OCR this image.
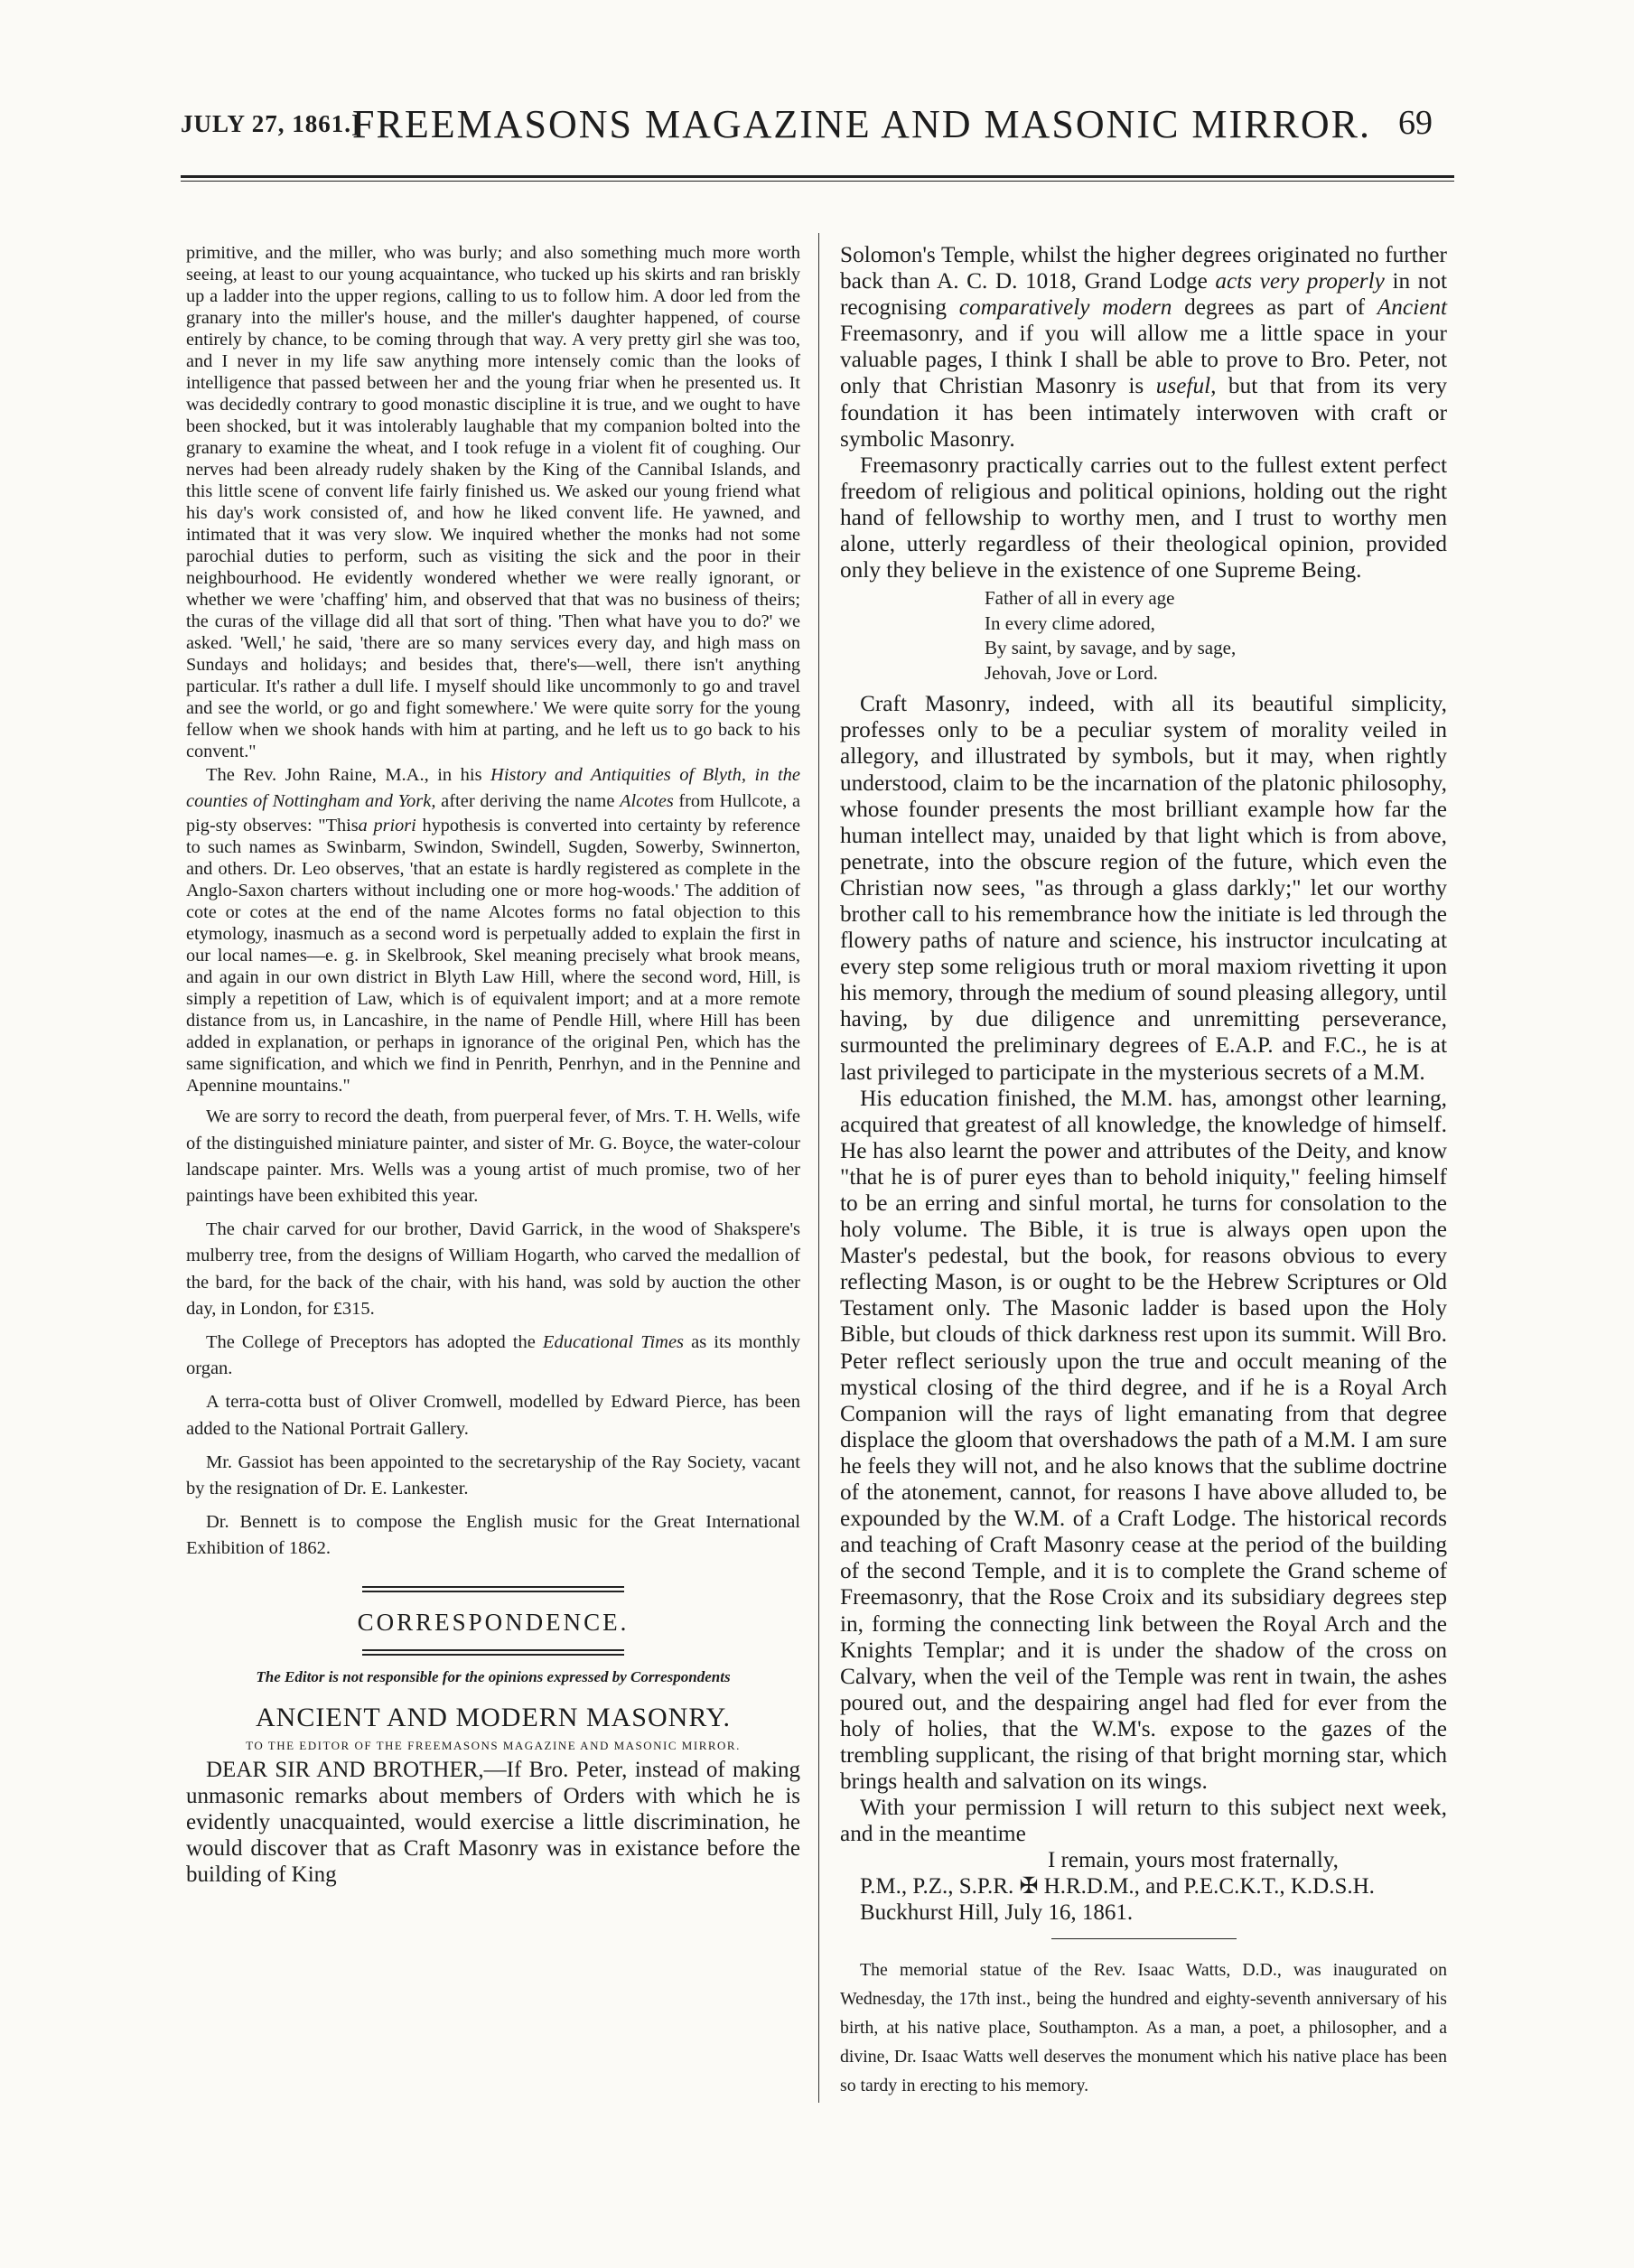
JULY 27, 1861.]
FREEMASONS MAGAZINE AND MASONIC MIRROR. 69

primitive, and the miller, who was burly; and also something much more worth seeing, at least to our young acquaintance, who tucked up his skirts and ran briskly up a ladder into the upper regions, calling to us to follow him. A door led from the granary into the miller's house, and the miller's daughter happened, of course entirely by chance, to be coming through that way. A very pretty girl she was too, and I never in my life saw anything more intensely comic than the looks of intelligence that passed between her and the young friar when he presented us. It was decidedly contrary to good monastic discipline it is true, and we ought to have been shocked, but it was intolerably laughable that my companion bolted into the granary to examine the wheat, and I took refuge in a violent fit of coughing. Our nerves had been already rudely shaken by the King of the Cannibal Islands, and this little scene of convent life fairly finished us. We asked our young friend what his day's work consisted of, and how he liked convent life. He yawned, and intimated that it was very slow. We inquired whether the monks had not some parochial duties to perform, such as visiting the sick and the poor in their neighbourhood. He evidently wondered whether we were really ignorant, or whether we were 'chaffing' him, and observed that that was no business of theirs; the curas of the village did all that sort of thing. 'Then what have you to do?' we asked. 'Well,' he said, 'there are so many services every day, and high mass on Sundays and holidays; and besides that, there's—well, there isn't anything particular. It's rather a dull life. I myself should like uncommonly to go and travel and see the world, or go and fight somewhere.' We were quite sorry for the young fellow when we shook hands with him at parting, and he left us to go back to his convent."

The Rev. John Raine, M.A., in his History and Antiquities of Blyth, in the counties of Nottingham and York, after deriving the name Alcotes from Hullcote, a pig-sty observes: "Thisa priori hypothesis is converted into certainty by reference to such names as Swinbarm, Swindon, Swindell, Sugden, Sowerby, Swinnerton, and others. Dr. Leo observes, 'that an estate is hardly registered as complete in the Anglo-Saxon charters without including one or more hog-woods.' The addition of cote or cotes at the end of the name Alcotes forms no fatal objection to this etymology, inasmuch as a second word is perpetually added to explain the first in our local names—e. g. in Skelbrook, Skel meaning precisely what brook means, and again in our own district in Blyth Law Hill, where the second word, Hill, is simply a repetition of Law, which is of equivalent import; and at a more remote distance from us, in Lancashire, in the name of Pendle Hill, where Hill has been added in explanation, or perhaps in ignorance of the original Pen, which has the same signification, and which we find in Penrith, Penrhyn, and in the Pennine and Apennine mountains."

We are sorry to record the death, from puerperal fever, of Mrs. T. H. Wells, wife of the distinguished miniature painter, and sister of Mr. G. Boyce, the water-colour landscape painter. Mrs. Wells was a young artist of much promise, two of her paintings have been exhibited this year.

The chair carved for our brother, David Garrick, in the wood of Shakspere's mulberry tree, from the designs of William Hogarth, who carved the medallion of the bard, for the back of the chair, with his hand, was sold by auction the other day, in London, for £315.

The College of Preceptors has adopted the Educational Times as its monthly organ.

A terra-cotta bust of Oliver Cromwell, modelled by Edward Pierce, has been added to the National Portrait Gallery.

Mr. Gassiot has been appointed to the secretaryship of the Ray Society, vacant by the resignation of Dr. E. Lankester.

Dr. Bennett is to compose the English music for the Great International Exhibition of 1862.

CORRESPONDENCE.
The Editor is not responsible for the opinions expressed by Correspondents
ANCIENT AND MODERN MASONRY.
TO THE EDITOR OF THE FREEMASONS MAGAZINE AND MASONIC MIRROR.

DEAR SIR AND BROTHER,—If Bro. Peter, instead of making unmasonic remarks about members of Orders with which he is evidently unacquainted, would exercise a little discrimination, he would discover that as Craft Masonry was in existance before the building of King

Solomon's Temple, whilst the higher degrees originated no further back than A. C. D. 1018, Grand Lodge acts very properly in not recognising comparatively modern degrees as part of Ancient Freemasonry, and if you will allow me a little space in your valuable pages, I think I shall be able to prove to Bro. Peter, not only that Christian Masonry is useful, but that from its very foundation it has been intimately interwoven with craft or symbolic Masonry.

Freemasonry practically carries out to the fullest extent perfect freedom of religious and political opinions, holding out the right hand of fellowship to worthy men, and I trust to worthy men alone, utterly regardless of their theological opinion, provided only they believe in the existence of one Supreme Being.

Father of all in every age
In every clime adored,
By saint, by savage, and by sage,
Jehovah, Jove or Lord.

Craft Masonry, indeed, with all its beautiful simplicity, professes only to be a peculiar system of morality veiled in allegory, and illustrated by symbols, but it may, when rightly understood, claim to be the incarnation of the platonic philosophy, whose founder presents the most brilliant example how far the human intellect may, unaided by that light which is from above, penetrate, into the obscure region of the future, which even the Christian now sees, "as through a glass darkly;" let our worthy brother call to his remembrance how the initiate is led through the flowery paths of nature and science, his instructor inculcating at every step some religious truth or moral maxiom rivetting it upon his memory, through the medium of sound pleasing allegory, until having, by due diligence and unremitting perseverance, surmounted the preliminary degrees of E.A.P. and F.C., he is at last privileged to participate in the mysterious secrets of a M.M.

His education finished, the M.M. has, amongst other learning, acquired that greatest of all knowledge, the knowledge of himself. He has also learnt the power and attributes of the Deity, and know "that he is of purer eyes than to behold iniquity," feeling himself to be an erring and sinful mortal, he turns for consolation to the holy volume. The Bible, it is true is always open upon the Master's pedestal, but the book, for reasons obvious to every reflecting Mason, is or ought to be the Hebrew Scriptures or Old Testament only. The Masonic ladder is based upon the Holy Bible, but clouds of thick darkness rest upon its summit. Will Bro. Peter reflect seriously upon the true and occult meaning of the mystical closing of the third degree, and if he is a Royal Arch Companion will the rays of light emanating from that degree displace the gloom that overshadows the path of a M.M. I am sure he feels they will not, and he also knows that the sublime doctrine of the atonement, cannot, for reasons I have above alluded to, be expounded by the W.M. of a Craft Lodge. The historical records and teaching of Craft Masonry cease at the period of the building of the second Temple, and it is to complete the Grand scheme of Freemasonry, that the Rose Croix and its subsidiary degrees step in, forming the connecting link between the Royal Arch and the Knights Templar; and it is under the shadow of the cross on Calvary, when the veil of the Temple was rent in twain, the ashes poured out, and the despairing angel had fled for ever from the holy of holies, that the W.M's. expose to the gazes of the trembling supplicant, the rising of that bright morning star, which brings health and salvation on its wings.

With your permission I will return to this subject next week, and in the meantime

I remain, yours most fraternally,
P.M., P.Z., S.P.R. ✠ H.R.D.M., and P.E.C.K.T., K.D.S.H.
Buckhurst Hill, July 16, 1861.

The memorial statue of the Rev. Isaac Watts, D.D., was inaugurated on Wednesday, the 17th inst., being the hundred and eighty-seventh anniversary of his birth, at his native place, Southampton. As a man, a poet, a philosopher, and a divine, Dr. Isaac Watts well deserves the monument which his native place has been so tardy in erecting to his memory.
